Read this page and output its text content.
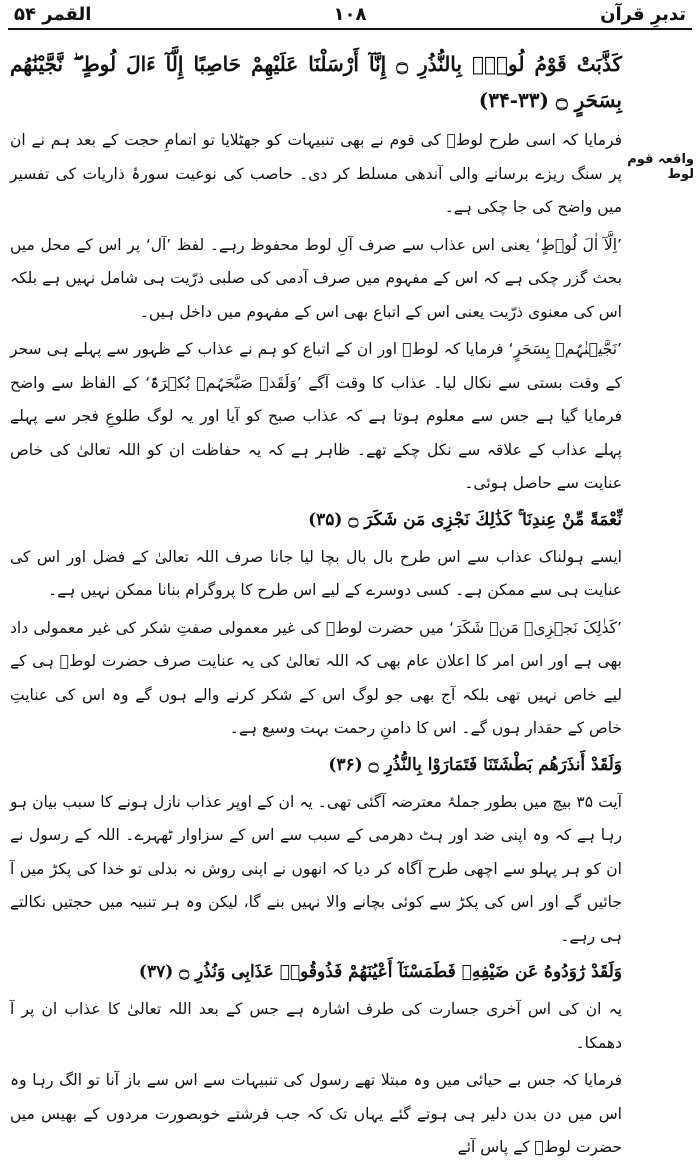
القمر ۵۴	۱۰۸	تدبرِ قرآن
واقعہ قوم لوط
كَذَّبَتْ قَوْمُ لُوطٍۭ بِالنُّذُرِ ۝ إِنَّآ أَرْسَلْنَا عَلَيْهِمْ حَاصِبًا إِلَّآ ءَالَ لُوطٍ ۖ نَّجَّيْنَٰهُم بِسَحَرٍ ۝ (۳۳-۳۴)
فرمایا کہ اسی طرح لوطؑ کی قوم نے بھی تنبیہات کو جھٹلایا تو اتمامِ حجت کے بعد ہم نے ان پر سنگ ریزے برسانے والی آندھی مسلط کر دی۔ حاصب کی نوعیت سورۂ ذاریات کی تفسیر میں واضح کی جا چکی ہے۔
’اِلَّآ اٰلَ لُوۡطٍ‘ یعنی اس عذاب سے صرف آلِ لوط محفوظ رہے۔ لفظ ’آل‘ پر اس کے محل میں بحث گزر چکی ہے کہ اس کے مفہوم میں صرف آدمی کی صلبی ذرّیت ہی شامل نہیں ہے بلکہ اس کی معنوی ذرّیت یعنی اس کے اتباع بھی اس کے مفہوم میں داخل ہیں۔
’نَجَّیۡنٰہُمۡ بِسَحَرٍ‘ فرمایا کہ لوطؑ اور ان کے اتباع کو ہم نے عذاب کے ظہور سے پہلے ہی سحر کے وقت بستی سے نکال لیا۔ عذاب کا وقت آگے ’وَلَقَدۡ صَبَّحَہُمۡ بُکۡرَۃً‘ کے الفاظ سے واضح فرمایا گیا ہے جس سے معلوم ہوتا ہے کہ عذاب صبح کو آیا اور یہ لوگ طلوعِ فجر سے پہلے پہلے عذاب کے علاقہ سے نکل چکے تھے۔ ظاہر ہے کہ یہ حفاظت ان کو اللہ تعالیٰ کی خاص عنایت سے حاصل ہوئی۔
نِّعْمَةً مِّنْ عِندِنَا ۚ كَذَٰلِكَ نَجْزِى مَن شَكَرَ ۝ (۳۵)
ایسے ہولناک عذاب سے اس طرح بال بال بچا لیا جانا صرف اللہ تعالیٰ کے فضل اور اس کی عنایت ہی سے ممکن ہے۔ کسی دوسرے کے لیے اس طرح کا پروگرام بنانا ممکن نہیں ہے۔
’کَذٰلِکَ نَجۡزِیۡ مَنۡ شَکَرَ‘ میں حضرت لوطؑ کی غیر معمولی صفتِ شکر کی غیر معمولی داد بھی ہے اور اس امر کا اعلان عام بھی کہ اللہ تعالیٰ کی یہ عنایت صرف حضرت لوطؑ ہی کے لیے خاص نہیں تھی بلکہ آج بھی جو لوگ اس کے شکر کرنے والے ہوں گے وہ اس کی عنایتِ خاص کے حقدار ہوں گے۔ اس کا دامنِ رحمت بہت وسیع ہے۔
وَلَقَدْ أَنذَرَهُم بَطْشَتَنَا فَتَمَارَوْا بِالنُّذُرِ ۝ (۳۶)
آیت ۳۵ بیچ میں بطور جملۂ معترضہ آگئی تھی۔ یہ ان کے اوپر عذاب نازل ہونے کا سبب بیان ہو رہا ہے کہ وہ اپنی ضد اور ہٹ دھرمی کے سبب سے اس کے سزاوار ٹھہرے۔ اللہ کے رسول نے ان کو ہر پہلو سے اچھی طرح آگاہ کر دیا کہ انھوں نے اپنی روش نہ بدلی تو خدا کی پکڑ میں آ جائیں گے اور اس کی پکڑ سے کوئی بچانے والا نہیں بنے گا، لیکن وہ ہر تنبیہ میں حجتیں نکالتے ہی رہے۔
وَلَقَدْ رَٰوَدُوهُ عَن ضَيْفِهِۦ فَطَمَسْنَآ أَعْيُنَهُمْ فَذُوقُوا۟ عَذَابِى وَنُذُرِ ۝ (۳۷)
یہ ان کی اس آخری جسارت کی طرف اشارہ ہے جس کے بعد اللہ تعالیٰ کا عذاب ان پر آ دھمکا۔
فرمایا کہ جس بے حیائی میں وہ مبتلا تھے رسول کی تنبیہات سے اس سے باز آنا تو الگ رہا وہ اس میں دن بدن دلیر ہی ہوتے گئے یہاں تک کہ جب فرشتے خوبصورت مردوں کے بھیس میں حضرت لوطؑ کے پاس آئے
